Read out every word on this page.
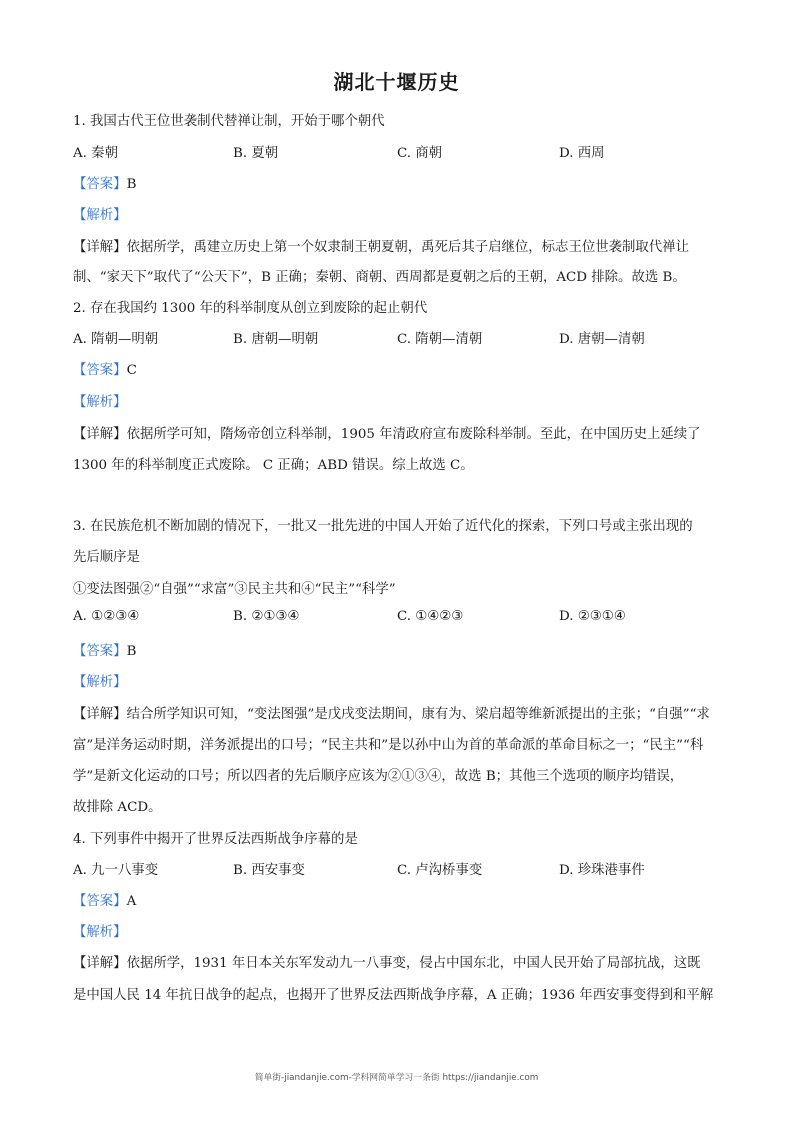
湖北十堰历史
1. 我国古代王位世袭制代替禅让制，开始于哪个朝代
A. 秦朝	B. 夏朝	C. 商朝	D. 西周
【答案】B
【解析】
【详解】依据所学，禹建立历史上第一个奴隶制王朝夏朝，禹死后其子启继位，标志王位世袭制取代禅让
制、“家天下”取代了“公天下”，B 正确；秦朝、商朝、西周都是夏朝之后的王朝，ACD 排除。故选 B。
2. 存在我国约 1300 年的科举制度从创立到废除的起止朝代
A. 隋朝—明朝	B. 唐朝—明朝	C. 隋朝—清朝	D. 唐朝—清朝
【答案】C
【解析】
【详解】依据所学可知，隋炀帝创立科举制，1905 年清政府宣布废除科举制。至此，在中国历史上延续了
1300 年的科举制度正式废除。 C 正确；ABD 错误。综上故选 C。
3. 在民族危机不断加剧的情况下，一批又一批先进的中国人开始了近代化的探索，下列口号或主张出现的
先后顺序是
①变法图强②“自强”“求富”③民主共和④“民主”“科学”
A. ①②③④	B. ②①③④	C. ①④②③	D. ②③①④
【答案】B
【解析】
【详解】结合所学知识可知，“变法图强”是戊戌变法期间，康有为、梁启超等维新派提出的主张；“自强”“求
富”是洋务运动时期，洋务派提出的口号；“民主共和”是以孙中山为首的革命派的革命目标之一；“民主”“科
学”是新文化运动的口号；所以四者的先后顺序应该为②①③④，故选 B；其他三个选项的顺序均错误，
故排除 ACD。
4. 下列事件中揭开了世界反法西斯战争序幕的是
A. 九一八事变	B. 西安事变	C. 卢沟桥事变	D. 珍珠港事件
【答案】A
【解析】
【详解】依据所学，1931 年日本关东军发动九一八事变，侵占中国东北，中国人民开始了局部抗战，这既
是中国人民 14 年抗日战争的起点，也揭开了世界反法西斯战争序幕，A 正确；1936 年西安事变得到和平解
简单街-jiandanjie.com-学科网简单学习一条街 https://jiandanjie.com
